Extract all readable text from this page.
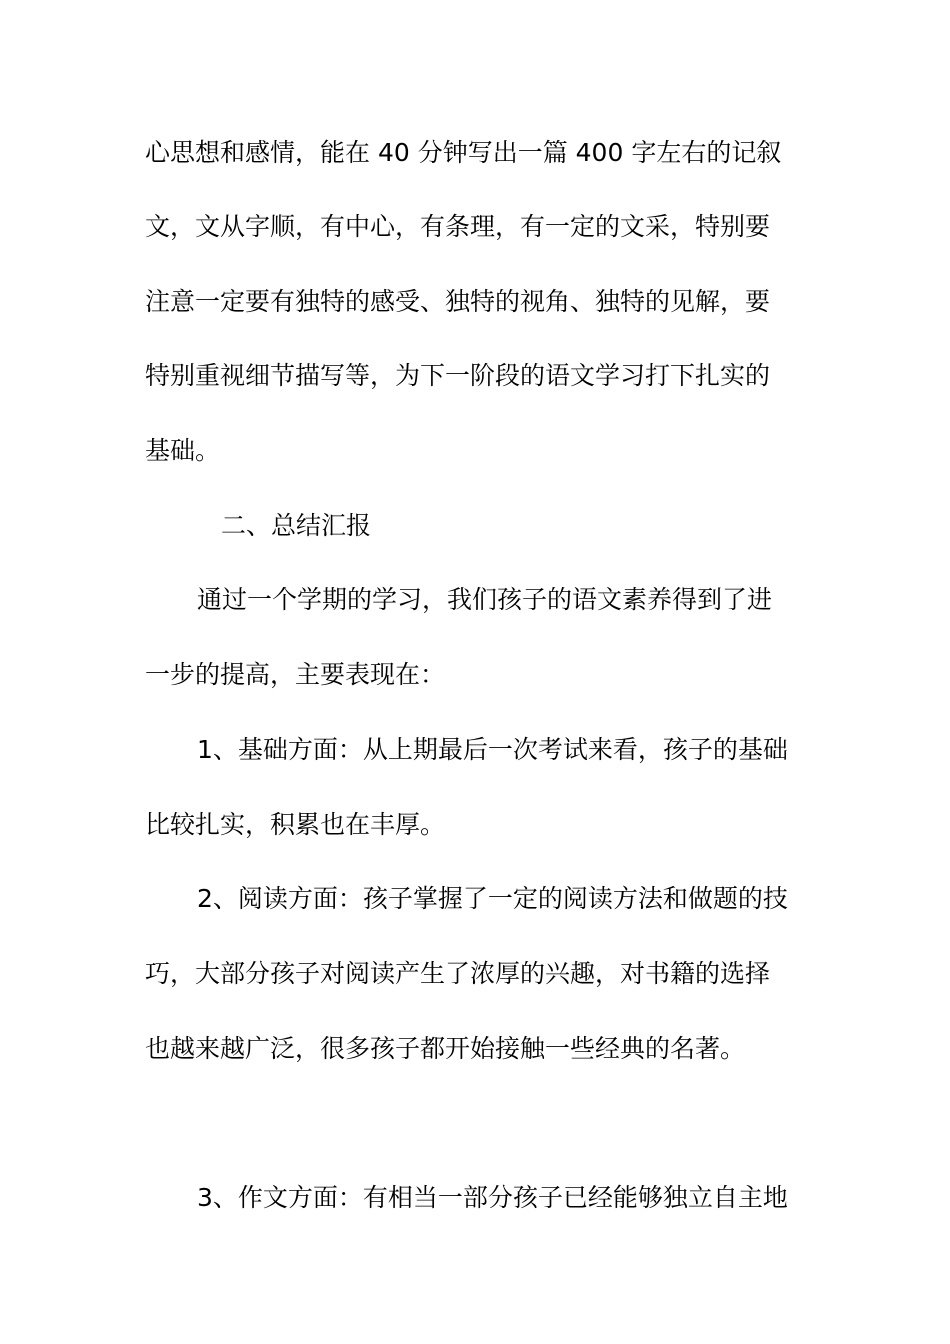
心思想和感情，能在 40 分钟写出一篇 400 字左右的记叙
文，文从字顺，有中心，有条理，有一定的文采，特别要
注意一定要有独特的感受、独特的视角、独特的见解，要
特别重视细节描写等，为下一阶段的语文学习打下扎实的
基础。
二、总结汇报
通过一个学期的学习，我们孩子的语文素养得到了进
一步的提高，主要表现在：
1、基础方面：从上期最后一次考试来看，孩子的基础
比较扎实，积累也在丰厚。
2、阅读方面：孩子掌握了一定的阅读方法和做题的技
巧，大部分孩子对阅读产生了浓厚的兴趣，对书籍的选择
也越来越广泛，很多孩子都开始接触一些经典的名著。
3、作文方面：有相当一部分孩子已经能够独立自主地
